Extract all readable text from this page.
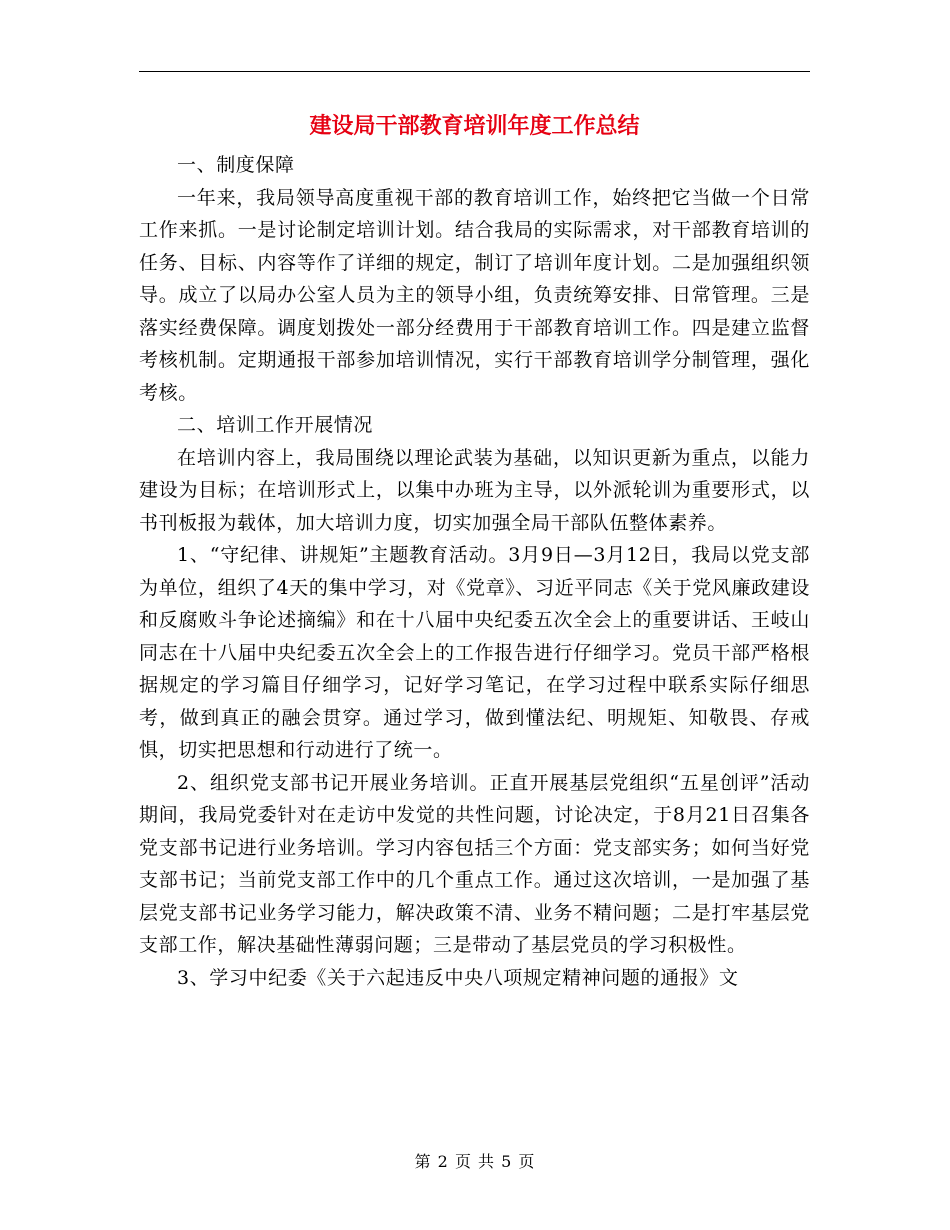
建设局干部教育培训年度工作总结

一、制度保障

一年来，我局领导高度重视干部的教育培训工作，始终把它当做一个日常工作来抓。一是讨论制定培训计划。结合我局的实际需求，对干部教育培训的任务、目标、内容等作了详细的规定，制订了培训年度计划。二是加强组织领导。成立了以局办公室人员为主的领导小组，负责统筹安排、日常管理。三是落实经费保障。调度划拨处一部分经费用于干部教育培训工作。四是建立监督考核机制。定期通报干部参加培训情况，实行干部教育培训学分制管理，强化考核。

二、培训工作开展情况

在培训内容上，我局围绕以理论武装为基础，以知识更新为重点，以能力建设为目标；在培训形式上，以集中办班为主导，以外派轮训为重要形式，以书刊板报为载体，加大培训力度，切实加强全局干部队伍整体素养。

1、“守纪律、讲规矩”主题教育活动。3月9日—3月12日，我局以党支部为单位，组织了4天的集中学习，对《党章》、习近平同志《关于党风廉政建设和反腐败斗争论述摘编》和在十八届中央纪委五次全会上的重要讲话、王岐山同志在十八届中央纪委五次全会上的工作报告进行仔细学习。党员干部严格根据规定的学习篇目仔细学习，记好学习笔记，在学习过程中联系实际仔细思考，做到真正的融会贯穿。通过学习，做到懂法纪、明规矩、知敬畏、存戒惧，切实把思想和行动进行了统一。

2、组织党支部书记开展业务培训。正直开展基层党组织“五星创评”活动期间，我局党委针对在走访中发觉的共性问题，讨论决定，于8月21日召集各党支部书记进行业务培训。学习内容包括三个方面：党支部实务；如何当好党支部书记；当前党支部工作中的几个重点工作。通过这次培训，一是加强了基层党支部书记业务学习能力，解决政策不清、业务不精问题；二是打牢基层党支部工作，解决基础性薄弱问题；三是带动了基层党员的学习积极性。

3、学习中纪委《关于六起违反中央八项规定精神问题的通报》文

第 2 页 共 5 页
